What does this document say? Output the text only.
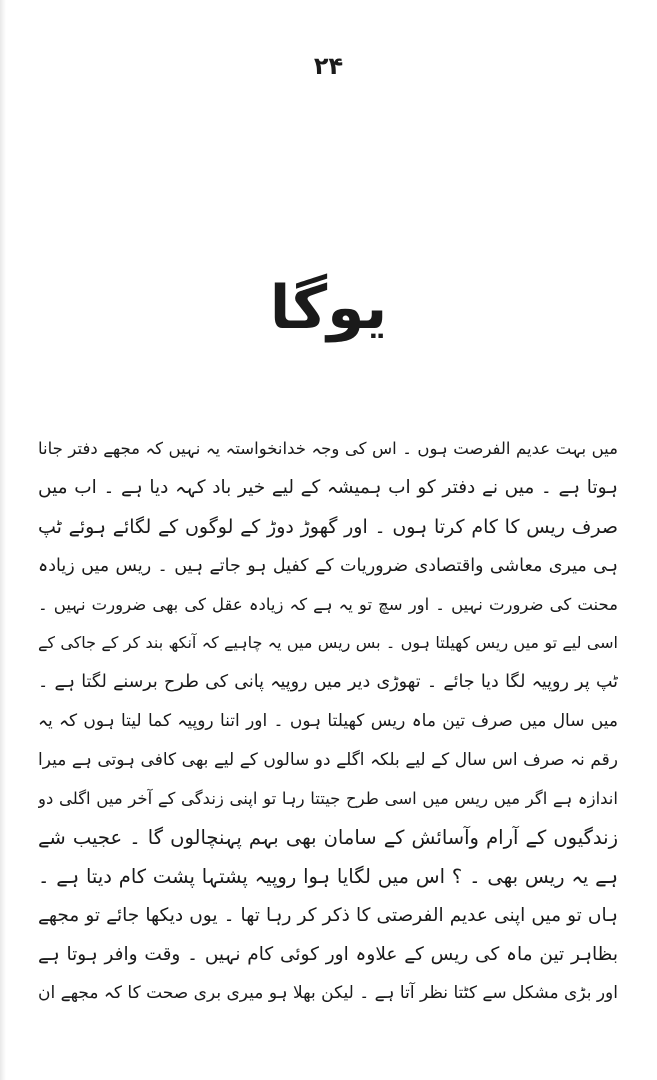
۲۴
یوگا
میں بہت عدیم الفرصت ہوں ۔ اس کی وجہ خدانخواستہ یہ نہیں کہ مجھے دفتر جانا
ہوتا ہے ۔ میں نے دفتر کو اب ہمیشہ کے لیے خیر باد کہہ دیا ہے ۔ اب میں
صرف ریس کا کام کرتا ہوں ۔ اور گھوڑ دوڑ کے لوگوں کے لگائے ہوئے ٹپ
ہی میری معاشی واقتصادی ضروریات کے کفیل ہو جاتے ہیں ۔ ریس میں زیادہ
محنت کی ضرورت نہیں ۔ اور سچ تو یہ ہے کہ زیادہ عقل کی بھی ضرورت نہیں ۔
اسی لیے تو میں ریس کھیلتا ہوں ۔ بس ریس میں یہ چاہیے کہ آنکھ بند کر کے جاکی کے
ٹپ پر روپیہ لگا دیا جائے ۔ تھوڑی دیر میں روپیہ پانی کی طرح برسنے لگتا ہے ۔
میں سال میں صرف تین ماہ ریس کھیلتا ہوں ۔ اور اتنا روپیہ کما لیتا ہوں کہ یہ
رقم نہ صرف اس سال کے لیے بلکہ اگلے دو سالوں کے لیے بھی کافی ہوتی ہے میرا
اندازہ ہے اگر میں ریس میں اسی طرح جیتتا رہا تو اپنی زندگی کے آخر میں اگلی دو
زندگیوں کے آرام وآسائش کے سامان بھی بہم پہنچالوں گا ۔ عجیب شے
ہے یہ ریس بھی ۔ ؟ اس میں لگایا ہوا روپیہ پشتہا پشت کام دیتا ہے ۔
ہاں تو میں اپنی عدیم الفرصتی کا ذکر کر رہا تھا ۔ یوں دیکھا جائے تو مجھے
بظاہر تین ماہ کی ریس کے علاوہ اور کوئی کام نہیں ۔ وقت وافر ہوتا ہے
اور بڑی مشکل سے کٹتا نظر آتا ہے ۔ لیکن بھلا ہو میری بری صحت کا کہ مجھے ان
